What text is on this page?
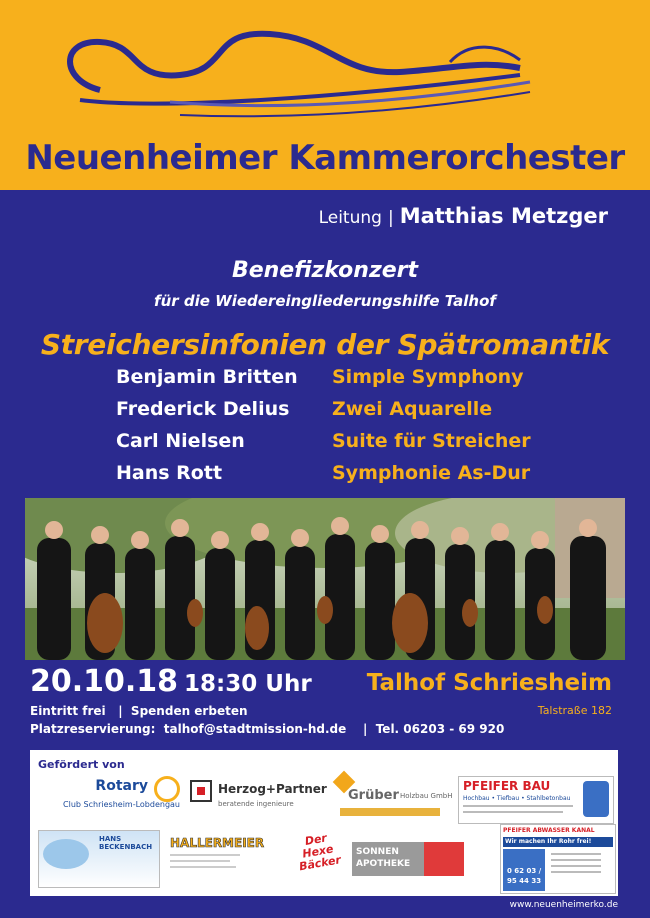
Neuenheimer Kammerorchester
Leitung | Matthias Metzger
Benefizkonzert
für die Wiedereingliederungshilfe Talhof
Streichersinfonien der Spätromantik
Benjamin Britten	Simple Symphony
Frederick Delius	Zwei Aquarelle
Carl Nielsen	Suite für Streicher
Hans Rott	Symphonie As-Dur
20.10.18 18:30 Uhr Talhof Schriesheim
Talstraße 182
Eintritt frei   |  Spenden erbeten
Platzreservierung:  talhof@stadtmission-hd.de    |  Tel. 06203 - 69 920
Gefördert von
Rotary
Club Schriesheim-Lobdengau
Herzog+Partner
beratende ingenieure
Grüber Holzbau GmbH
PFEIFER BAU
Hochbau • Tiefbau • Stahlbetonbau
HANS BECKENBACH	HALLERMEIER	Der Hexe Bäcker
SONNEN APOTHEKE
PFEIFER ABWASSER KANAL
Wir machen Ihr Rohr frei!
0 62 03 /
95 44 33
www.neuenheimerko.de
